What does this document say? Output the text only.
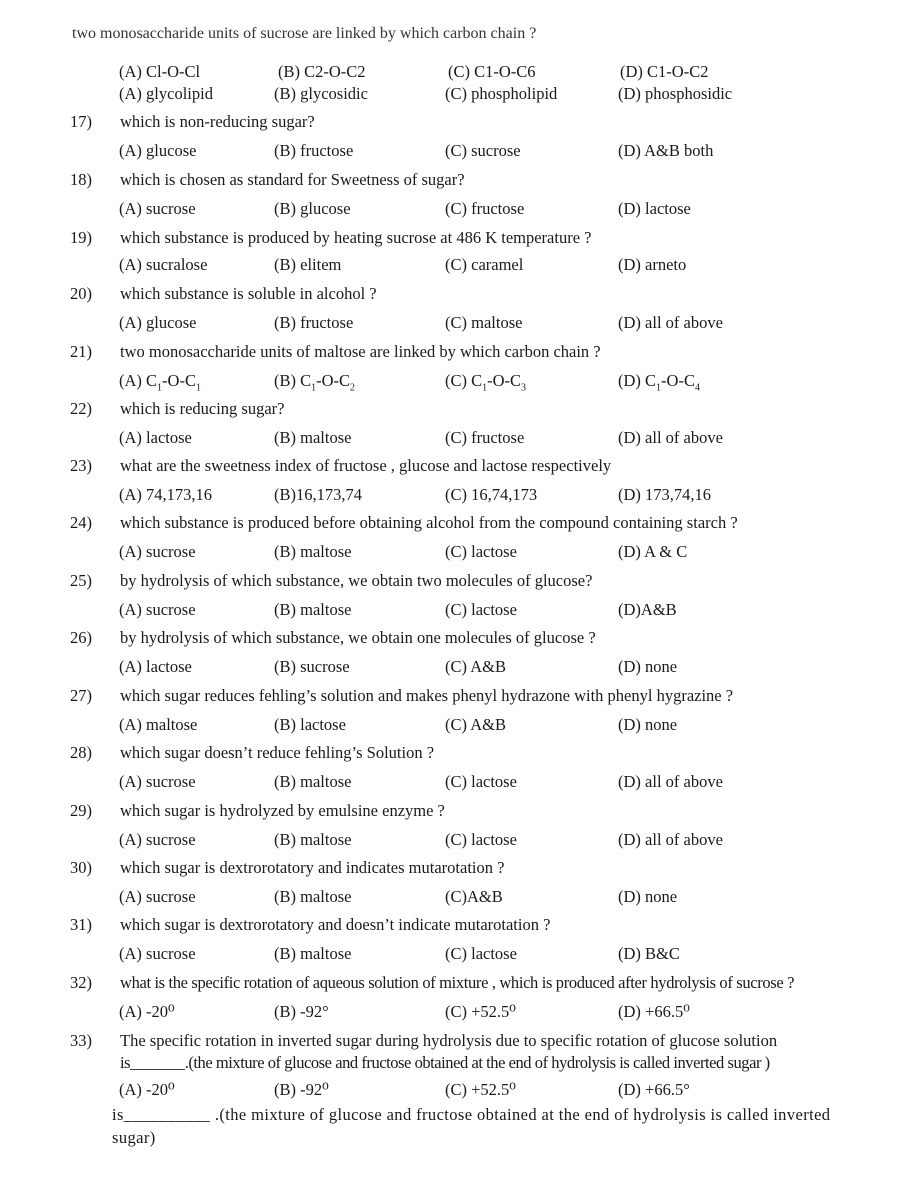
two monosaccharide units of sucrose are linked by which carbon chain ?
(A) Cl-O-Cl	(B) C2-O-C2	(C) C1-O-C6	(D) C1-O-C2
(A) glycolipid	(B) glycosidic	(C) phospholipid	(D) phosphosidic
17)	which is non-reducing sugar?
(A) glucose	(B) fructose	(C) sucrose	(D) A&B both
18)	which is chosen as standard for Sweetness of sugar?
(A) sucrose	(B) glucose	(C) fructose	(D) lactose
19)	which substance is produced by heating sucrose at 486 K temperature ?
(A) sucralose	(B) elitem	(C) caramel	(D) arneto
20)	which substance is soluble in alcohol ?
(A) glucose	(B) fructose	(C) maltose	(D) all of above
21)	two monosaccharide units of maltose are linked by which carbon chain ?
(A) $C_1-O-C_1$	(B) $C_1-O-C_2$	(C) $C_1-O-C_3$	(D) $C_1-O-C_4$
22)	which is reducing sugar?
(A) lactose	(B) maltose	(C) fructose	(D) all of above
23)	what are the sweetness index of fructose , glucose and lactose respectively
(A) 74,173,16	(B)16,173,74	(C) 16,74,173	(D) 173,74,16
24)	which substance is produced before obtaining alcohol from the compound containing starch ?
(A) sucrose	(B) maltose	(C) lactose	(D) A & C
25)	by hydrolysis of which substance, we obtain two molecules of glucose?
(A) sucrose	(B) maltose	(C) lactose	(D)A&B
26)	by hydrolysis of which substance, we obtain one molecules of glucose ?
(A) lactose	(B) sucrose	(C) A&B	(D) none
27)	which sugar reduces fehling’s solution and makes phenyl hydrazone with phenyl hygrazine ?
(A) maltose	(B) lactose	(C) A&B	(D) none
28)	which sugar doesn’t reduce fehling’s Solution ?
(A) sucrose	(B) maltose	(C) lactose	(D) all of above
29)	which sugar is hydrolyzed by emulsine enzyme ?
(A) sucrose	(B) maltose	(C) lactose	(D) all of above
30)	which sugar is dextrorotatory and indicates mutarotation ?
(A) sucrose	(B) maltose	(C)A&B	(D) none
31)	which sugar is dextrorotatory and doesn’t indicate mutarotation ?
(A) sucrose	(B) maltose	(C) lactose	(D) B&C
32)	what is the specific rotation of aqueous solution of mixture , which is produced after hydrolysis of sucrose ?
(A) -20⁰	(B) -92°	(C) +52.5⁰	(D) +66.5⁰
33)	The specific rotation in inverted sugar during hydrolysis due to specific rotation of glucose solution
is_______.(the mixture of glucose and fructose obtained at the end of hydrolysis is called inverted sugar )
(A) -20⁰	(B) -92⁰	(C) +52.5⁰	(D) +66.5°
is__________ .(the mixture of glucose and fructose obtained at the end of hydrolysis is called inverted sugar)
